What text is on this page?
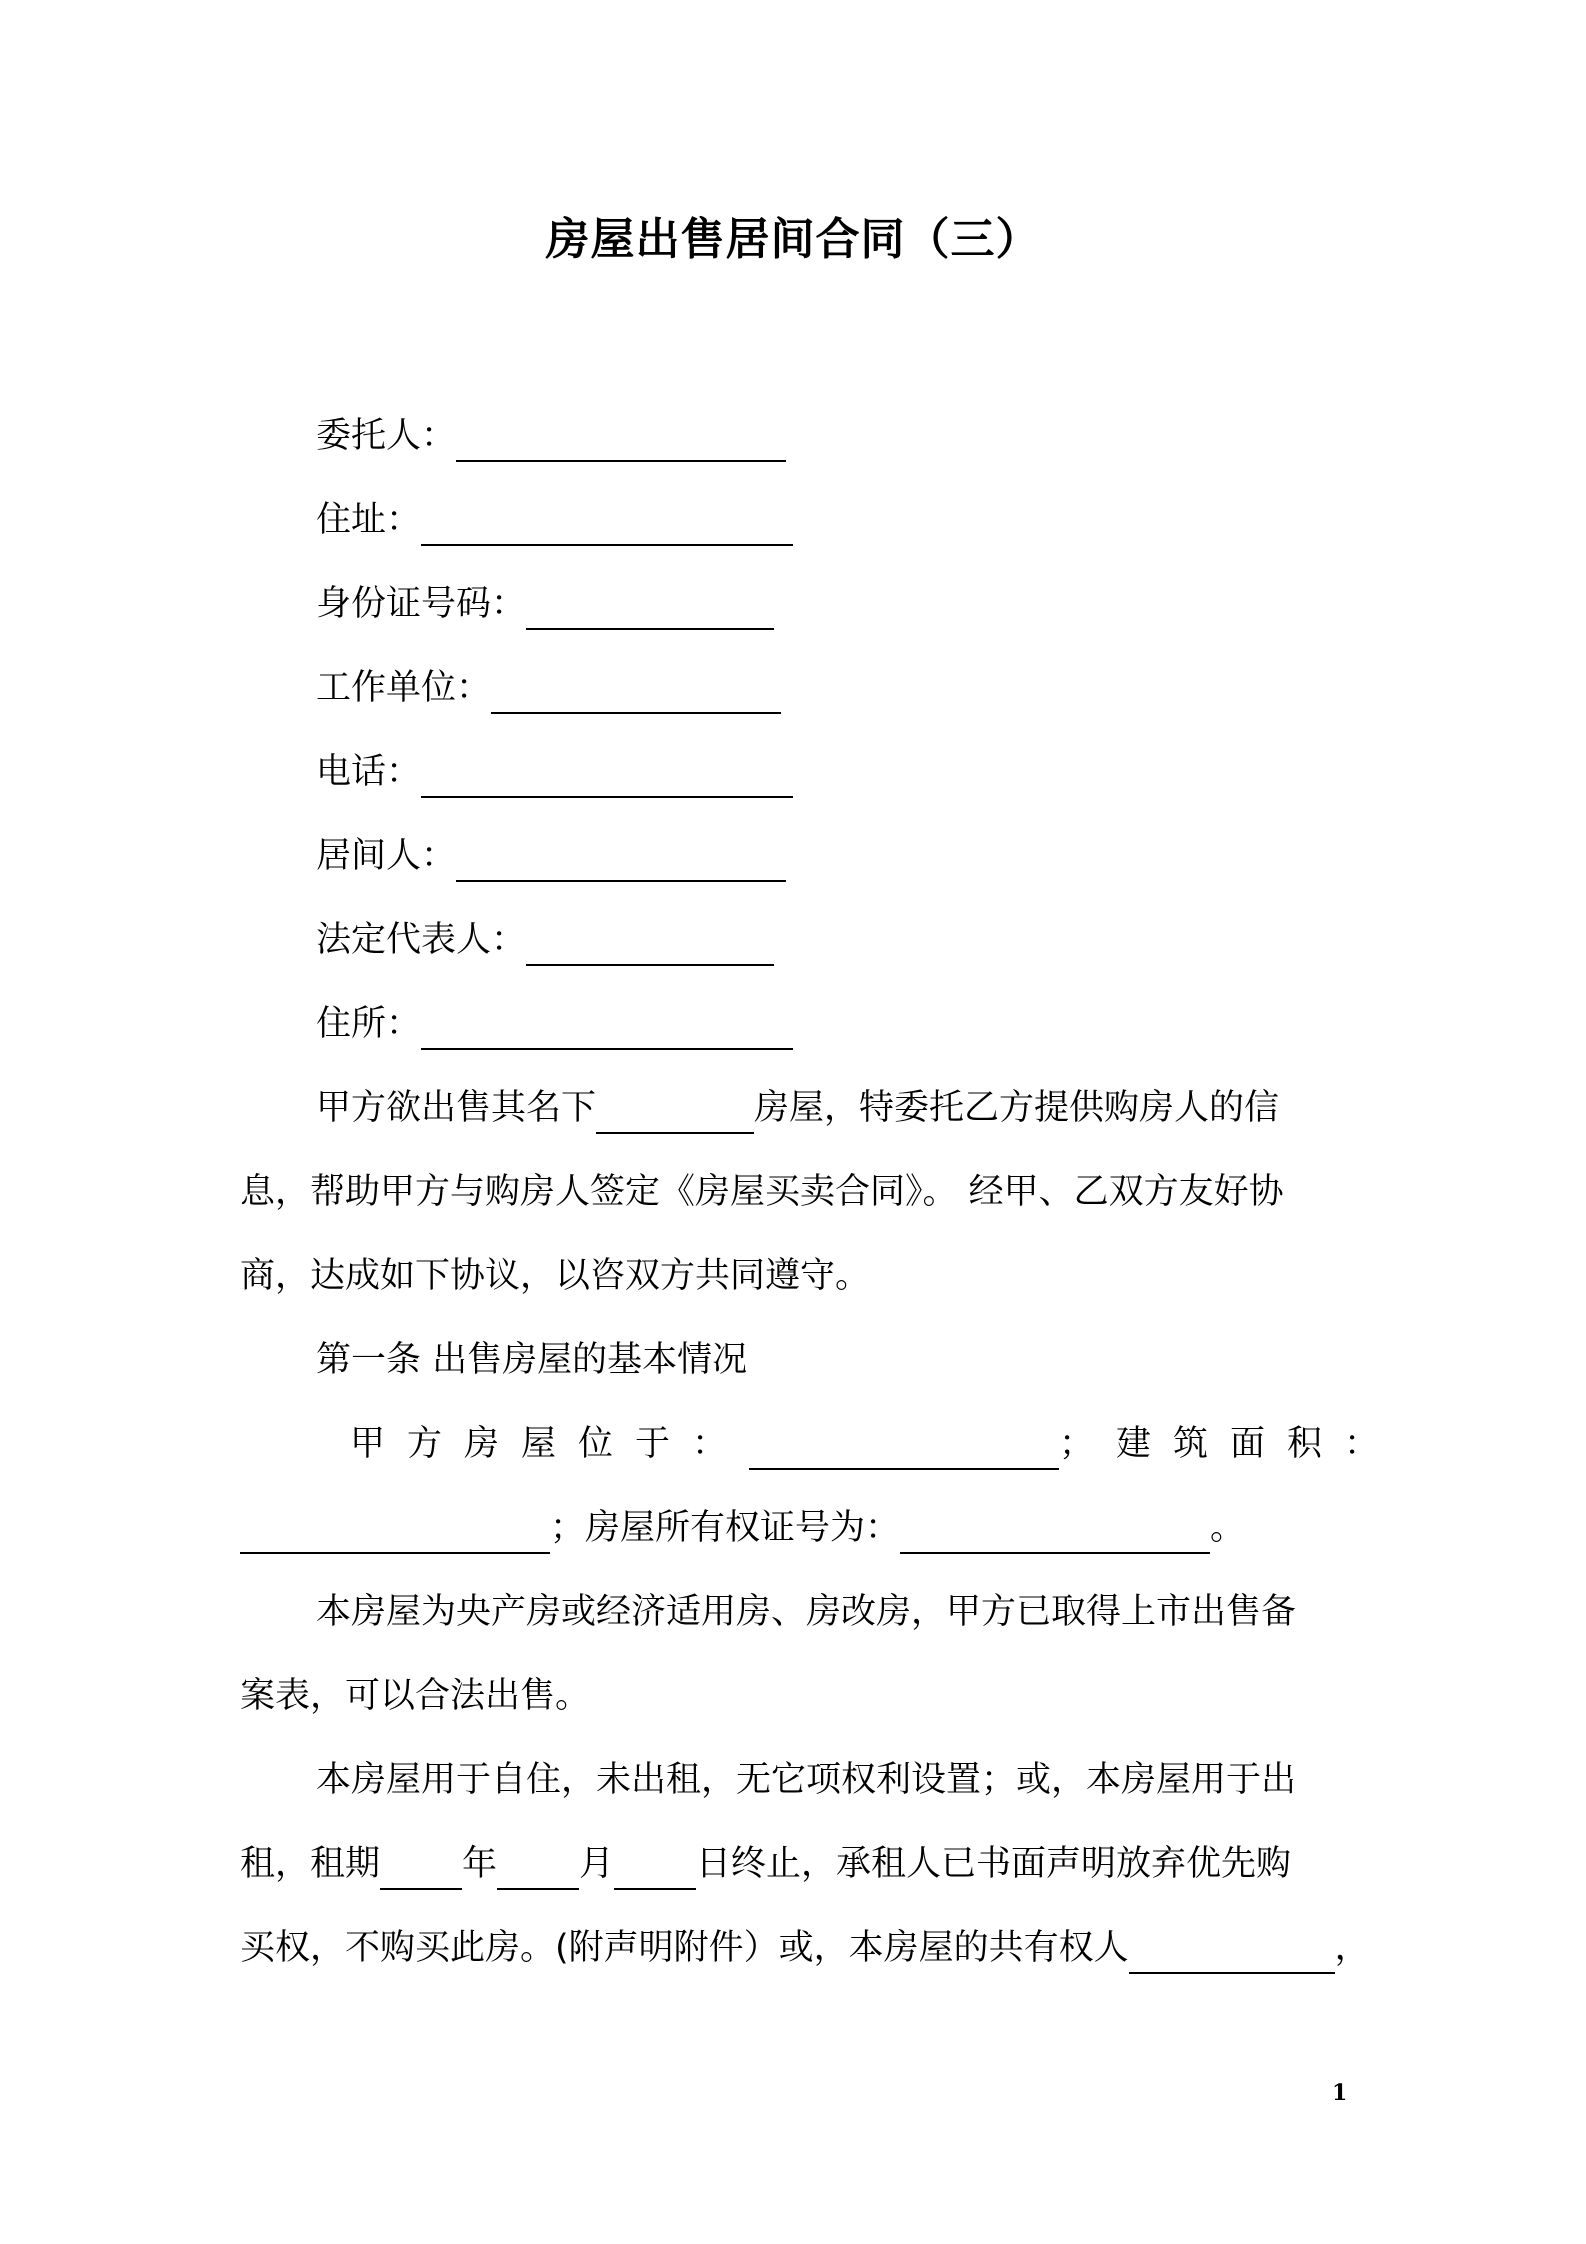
房屋出售居间合同（三）
委托人：
住址：
身份证号码：
工作单位：
电话：
居间人：
法定代表人：
住所：
甲方欲出售其名下	房屋，特委托乙方提供购房人的信
息，帮助甲方与购房人签定《房屋买卖合同》。 经甲、乙双方友好协
商，达成如下协议，以咨双方共同遵守。
第一条 出售房屋的基本情况
甲方房屋位于：	；建筑面积：
；房屋所有权证号为：	。
本房屋为央产房或经济适用房、房改房，甲方已取得上市出售备
案表，可以合法出售。
本房屋用于自住，未出租，无它项权利设置；或，本房屋用于出
租，租期 年 月 日终止，承租人已书面声明放弃优先购
买权，不购买此房。(附声明附件）或，本房屋的共有权人	，
1
